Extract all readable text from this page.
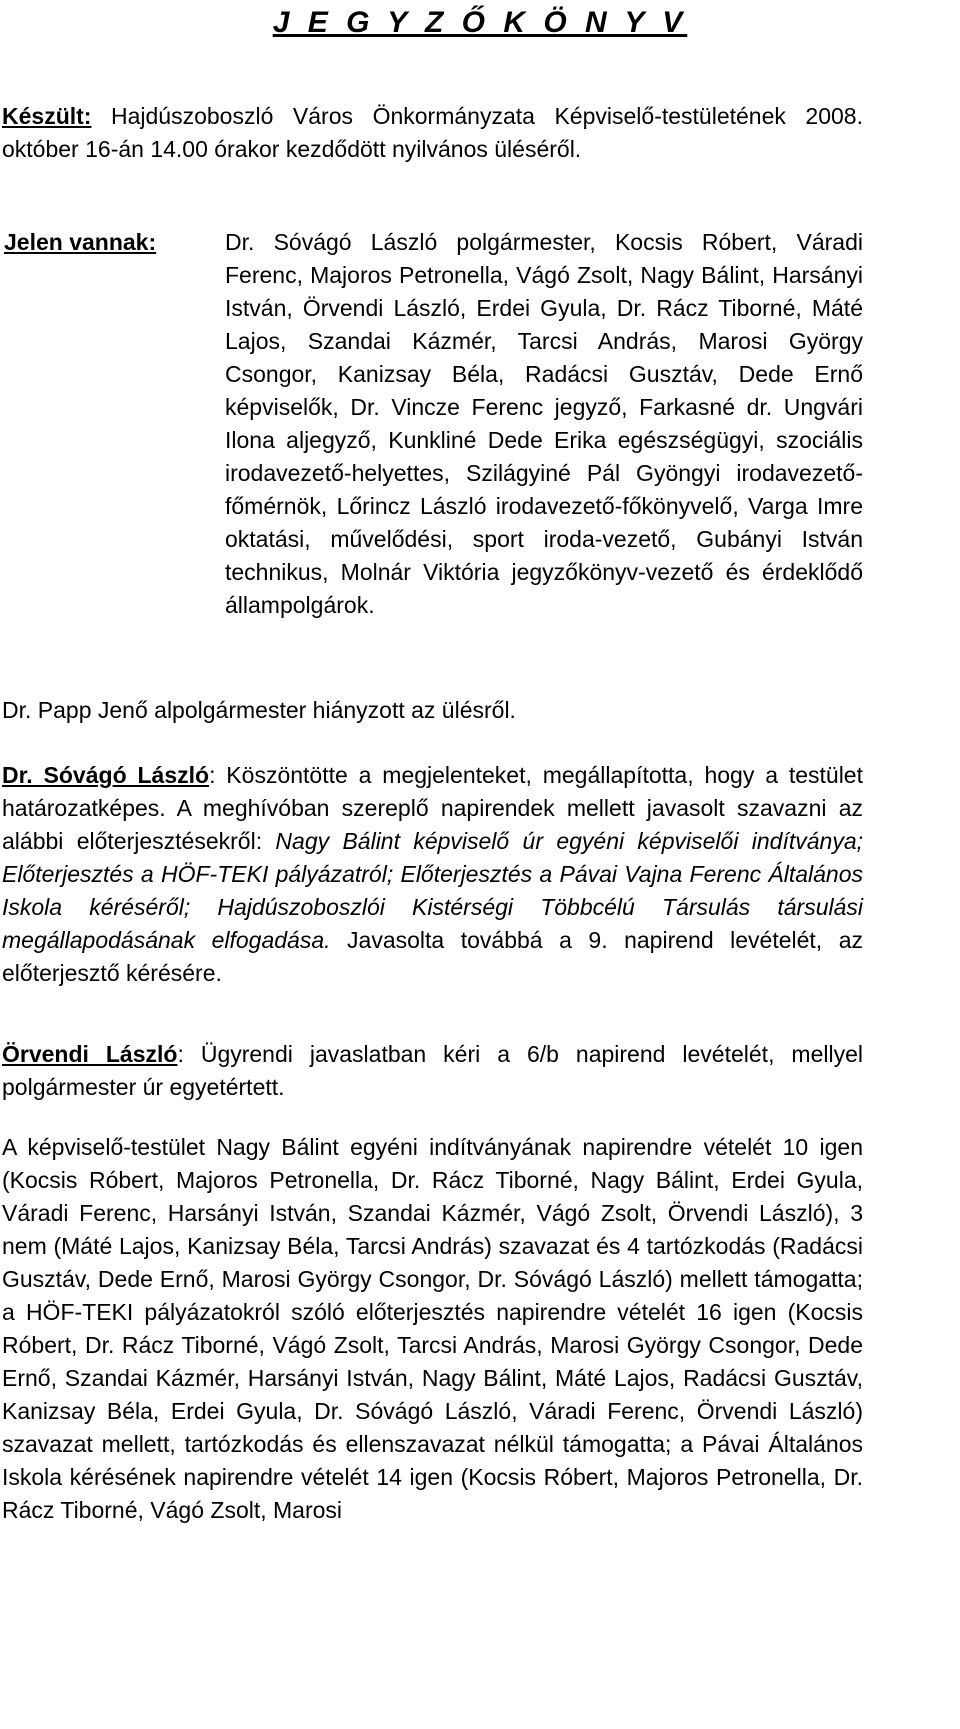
J E G Y Z Ő K Ö N Y V
Készült: Hajdúszoboszló Város Önkormányzata Képviselő-testületének 2008. október 16-án 14.00 órakor kezdődött nyilvános üléséről.
Jelen vannak:	Dr. Sóvágó László polgármester, Kocsis Róbert, Váradi Ferenc, Majoros Petronella, Vágó Zsolt, Nagy Bálint, Harsányi István, Örvendi László, Erdei Gyula, Dr. Rácz Tiborné, Máté Lajos, Szandai Kázmér, Tarcsi András, Marosi György Csongor, Kanizsay Béla, Radácsi Gusztáv, Dede Ernő képviselők, Dr. Vincze Ferenc jegyző, Farkasné dr. Ungvári Ilona aljegyző, Kunkliné Dede Erika egészségügyi, szociális irodavezető-helyettes, Szilágyiné Pál Gyöngyi irodavezető-főmérnök, Lőrincz László irodavezető-főkönyvelő, Varga Imre oktatási, művelődési, sport iroda-vezető, Gubányi István technikus, Molnár Viktória jegyzőkönyv-vezető és érdeklődő állampolgárok.
Dr. Papp Jenő alpolgármester hiányzott az ülésről.
Dr. Sóvágó László: Köszöntötte a megjelenteket, megállapította, hogy a testület határozatképes. A meghívóban szereplő napirendek mellett javasolt szavazni az alábbi előterjesztésekről: Nagy Bálint képviselő úr egyéni képviselői indítványa; Előterjesztés a HÖF-TEKI pályázatról; Előterjesztés a Pávai Vajna Ferenc Általános Iskola kéréséről; Hajdúszoboszlói Kistérségi Többcélú Társulás társulási megállapodásának elfogadása. Javasolta továbbá a 9. napirend levételét, az előterjesztő kérésére.
Örvendi László: Ügyrendi javaslatban kéri a 6/b napirend levételét, mellyel polgármester úr egyetértett.
A képviselő-testület Nagy Bálint egyéni indítványának napirendre vételét 10 igen (Kocsis Róbert, Majoros Petronella, Dr. Rácz Tiborné, Nagy Bálint, Erdei Gyula, Váradi Ferenc, Harsányi István, Szandai Kázmér, Vágó Zsolt, Örvendi László), 3 nem (Máté Lajos, Kanizsay Béla, Tarcsi András) szavazat és 4 tartózkodás (Radácsi Gusztáv, Dede Ernő, Marosi György Csongor, Dr. Sóvágó László) mellett támogatta; a HÖF-TEKI pályázatokról szóló előterjesztés napirendre vételét 16 igen (Kocsis Róbert, Dr. Rácz Tiborné, Vágó Zsolt, Tarcsi András, Marosi György Csongor, Dede Ernő, Szandai Kázmér, Harsányi István, Nagy Bálint, Máté Lajos, Radácsi Gusztáv, Kanizsay Béla, Erdei Gyula, Dr. Sóvágó László, Váradi Ferenc, Örvendi László) szavazat mellett, tartózkodás és ellenszavazat nélkül támogatta; a Pávai Általános Iskola kérésének napirendre vételét 14 igen (Kocsis Róbert, Majoros Petronella, Dr. Rácz Tiborné, Vágó Zsolt, Marosi
